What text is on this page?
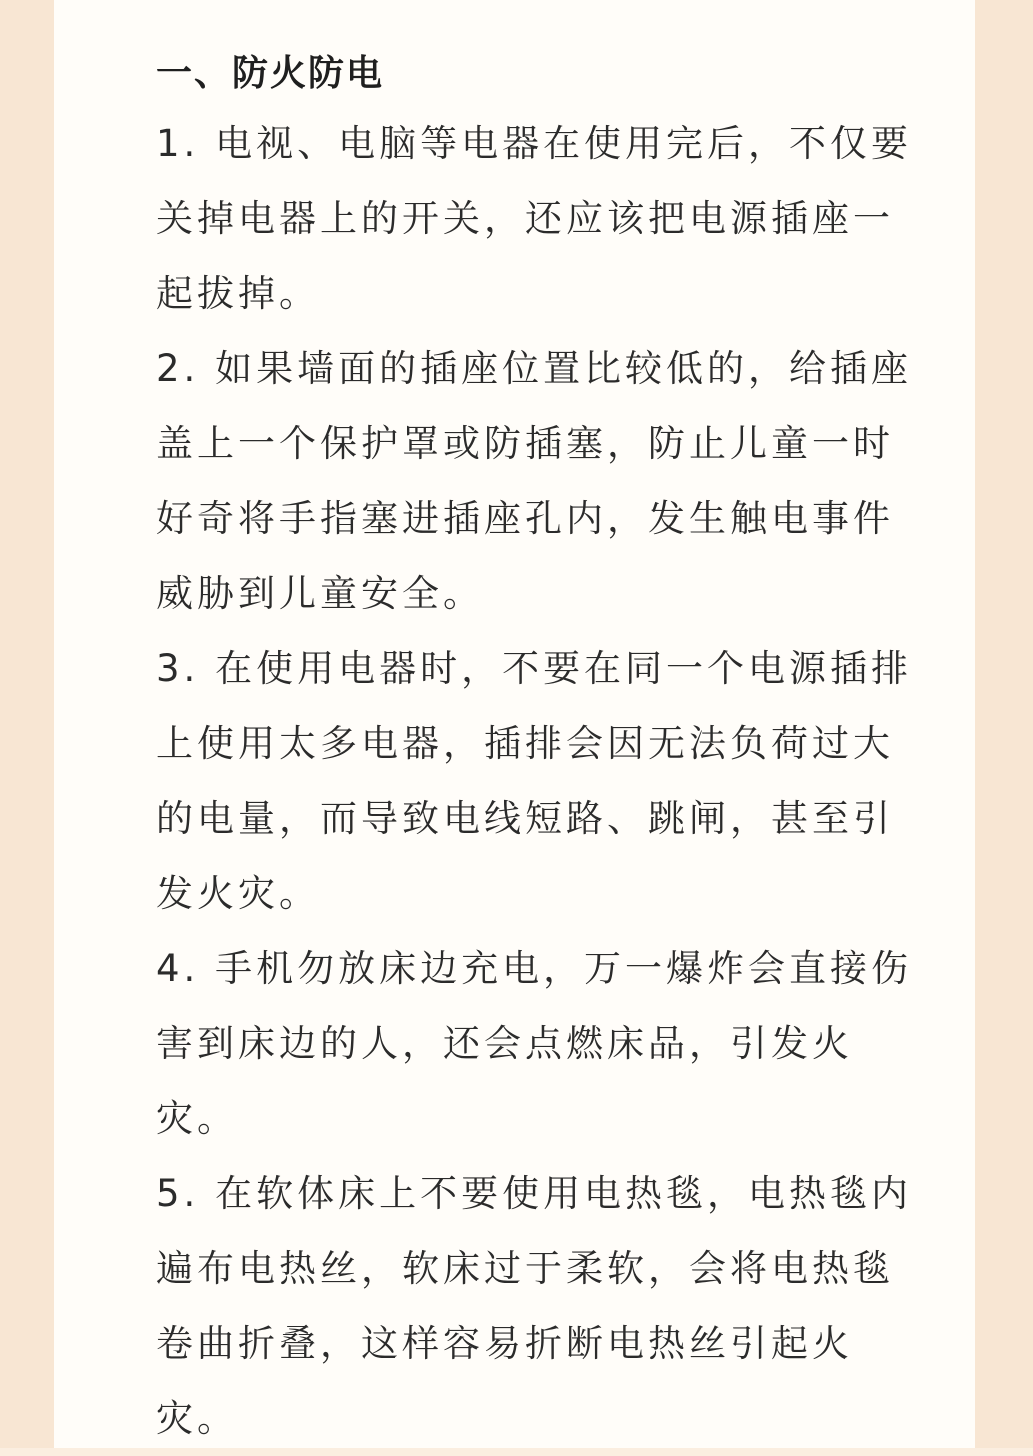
一、防火防电
1. 电视、电脑等电器在使用完后，不仅要
关掉电器上的开关，还应该把电源插座一
起拔掉。
2. 如果墙面的插座位置比较低的，给插座
盖上一个保护罩或防插塞，防止儿童一时
好奇将手指塞进插座孔内，发生触电事件
威胁到儿童安全。
3. 在使用电器时，不要在同一个电源插排
上使用太多电器，插排会因无法负荷过大
的电量，而导致电线短路、跳闸，甚至引
发火灾。
4. 手机勿放床边充电，万一爆炸会直接伤
害到床边的人，还会点燃床品，引发火
灾。
5. 在软体床上不要使用电热毯，电热毯内
遍布电热丝，软床过于柔软，会将电热毯
卷曲折叠，这样容易折断电热丝引起火
灾。
